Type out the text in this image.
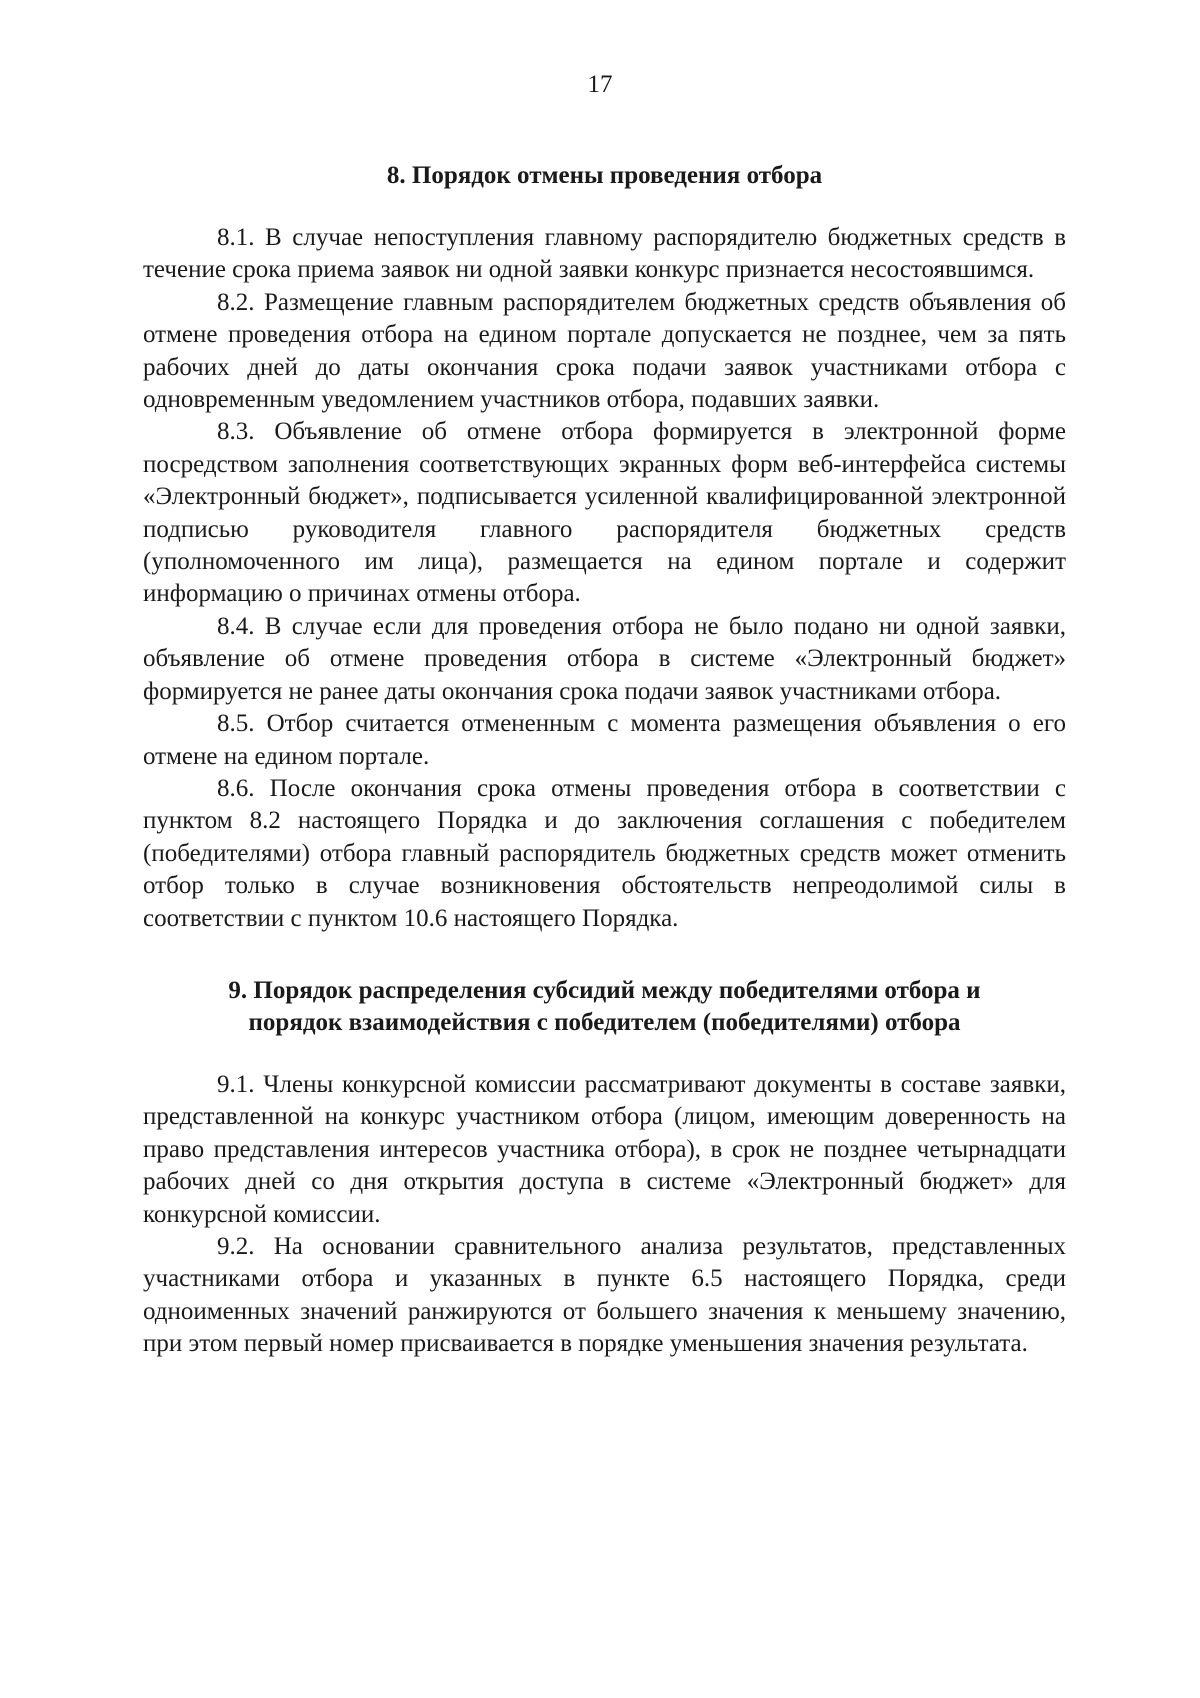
17
8. Порядок отмены проведения отбора

8.1. В случае непоступления главному распорядителю бюджетных средств в течение срока приема заявок ни одной заявки конкурс признается несостоявшимся.

8.2. Размещение главным распорядителем бюджетных средств объявления об отмене проведения отбора на едином портале допускается не позднее, чем за пять рабочих дней до даты окончания срока подачи заявок участниками отбора с одновременным уведомлением участников отбора, подавших заявки.

8.3. Объявление об отмене отбора формируется в электронной форме посредством заполнения соответствующих экранных форм веб-интерфейса системы «Электронный бюджет», подписывается усиленной квалифицированной электронной подписью руководителя главного распорядителя бюджетных средств (уполномоченного им лица), размещается на едином портале и содержит информацию о причинах отмены отбора.

8.4. В случае если для проведения отбора не было подано ни одной заявки, объявление об отмене проведения отбора в системе «Электронный бюджет» формируется не ранее даты окончания срока подачи заявок участниками отбора.

8.5. Отбор считается отмененным с момента размещения объявления о его отмене на едином портале.

8.6. После окончания срока отмены проведения отбора в соответствии с пунктом 8.2 настоящего Порядка и до заключения соглашения с победителем (победителями) отбора главный распорядитель бюджетных средств может отменить отбор только в случае возникновения обстоятельств непреодолимой силы в соответствии с пунктом 10.6 настоящего Порядка.

9. Порядок распределения субсидий между победителями отбора и
порядок взаимодействия с победителем (победителями) отбора

9.1. Члены конкурсной комиссии рассматривают документы в составе заявки, представленной на конкурс участником отбора (лицом, имеющим доверенность на право представления интересов участника отбора), в срок не позднее четырнадцати рабочих дней со дня открытия доступа в системе «Электронный бюджет» для конкурсной комиссии.

9.2. На основании сравнительного анализа результатов, представленных участниками отбора и указанных в пункте 6.5 настоящего Порядка, среди одноименных значений ранжируются от большего значения к меньшему значению, при этом первый номер присваивается в порядке уменьшения значения результата.
